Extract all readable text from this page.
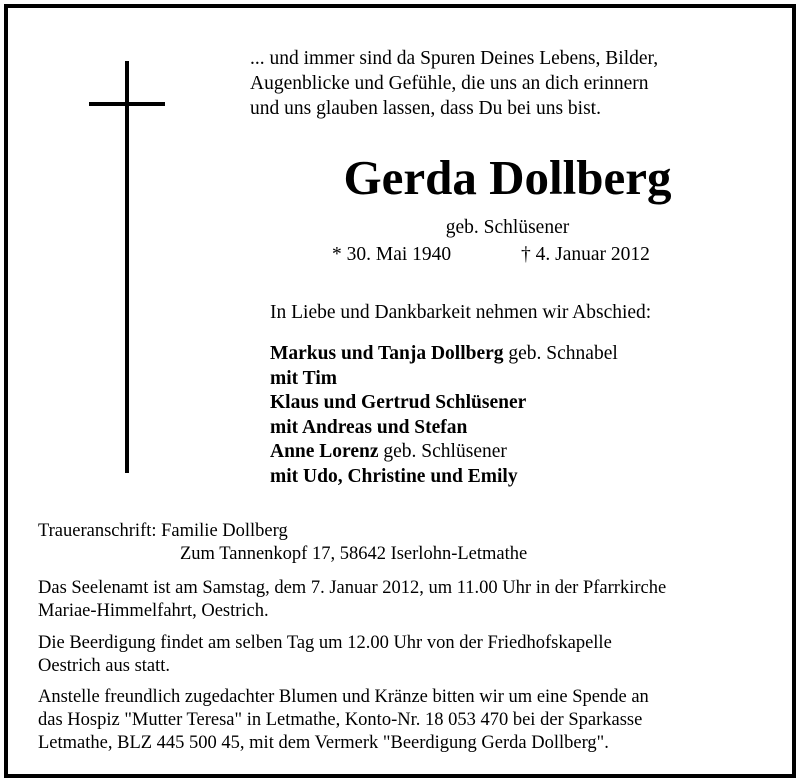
... und immer sind da Spuren Deines Lebens, Bilder,
Augenblicke und Gefühle, die uns an dich erinnern
und uns glauben lassen, dass Du bei uns bist.
Gerda Dollberg
geb. Schlüsener
* 30. Mai 1940	† 4. Januar 2012
In Liebe und Dankbarkeit nehmen wir Abschied:
Markus und Tanja Dollberg geb. Schnabel
mit Tim
Klaus und Gertrud Schlüsener
mit Andreas und Stefan
Anne Lorenz geb. Schlüsener
mit Udo, Christine und Emily
Traueranschrift: Familie Dollberg
Zum Tannenkopf 17, 58642 Iserlohn-Letmathe
Das Seelenamt ist am Samstag, dem 7. Januar 2012, um 11.00 Uhr in der Pfarrkirche
Mariae-Himmelfahrt, Oestrich.
Die Beerdigung findet am selben Tag um 12.00 Uhr von der Friedhofskapelle
Oestrich aus statt.
Anstelle freundlich zugedachter Blumen und Kränze bitten wir um eine Spende an
das Hospiz "Mutter Teresa" in Letmathe, Konto-Nr. 18 053 470 bei der Sparkasse
Letmathe, BLZ 445 500 45, mit dem Vermerk "Beerdigung Gerda Dollberg".
